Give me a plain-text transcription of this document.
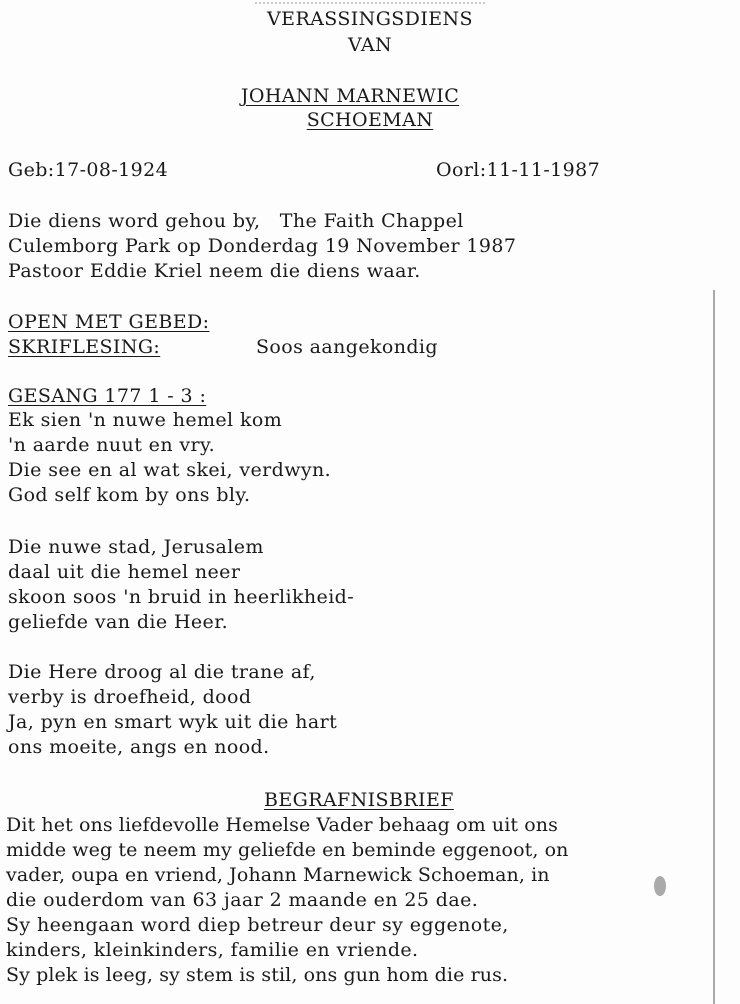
VERASSINGSDIENS
VAN
JOHANN MARNEWIC
SCHOEMAN
Geb:17-08-1924	Oorl:11-11-1987
Die diens word gehou by,   The Faith Chappel
Culemborg Park op Donderdag 19 November 1987
Pastoor Eddie Kriel neem die diens waar.
OPEN MET GEBED:
SKRIFLESING:	Soos aangekondig
GESANG 177 1 - 3 :
Ek sien 'n nuwe hemel kom
'n aarde nuut en vry.
Die see en al wat skei, verdwyn.
God self kom by ons bly.
Die nuwe stad, Jerusalem
daal uit die hemel neer
skoon soos 'n bruid in heerlikheid-
geliefde van die Heer.
Die Here droog al die trane af,
verby is droefheid, dood
Ja, pyn en smart wyk uit die hart
ons moeite, angs en nood.
BEGRAFNISBRIEF
Dit het ons liefdevolle Hemelse Vader behaag om uit ons
midde weg te neem my geliefde en beminde eggenoot, on
vader, oupa en vriend, Johann Marnewick Schoeman, in
die ouderdom van 63 jaar 2 maande en 25 dae.
Sy heengaan word diep betreur deur sy eggenote,
kinders, kleinkinders, familie en vriende.
Sy plek is leeg, sy stem is stil, ons gun hom die rus.
